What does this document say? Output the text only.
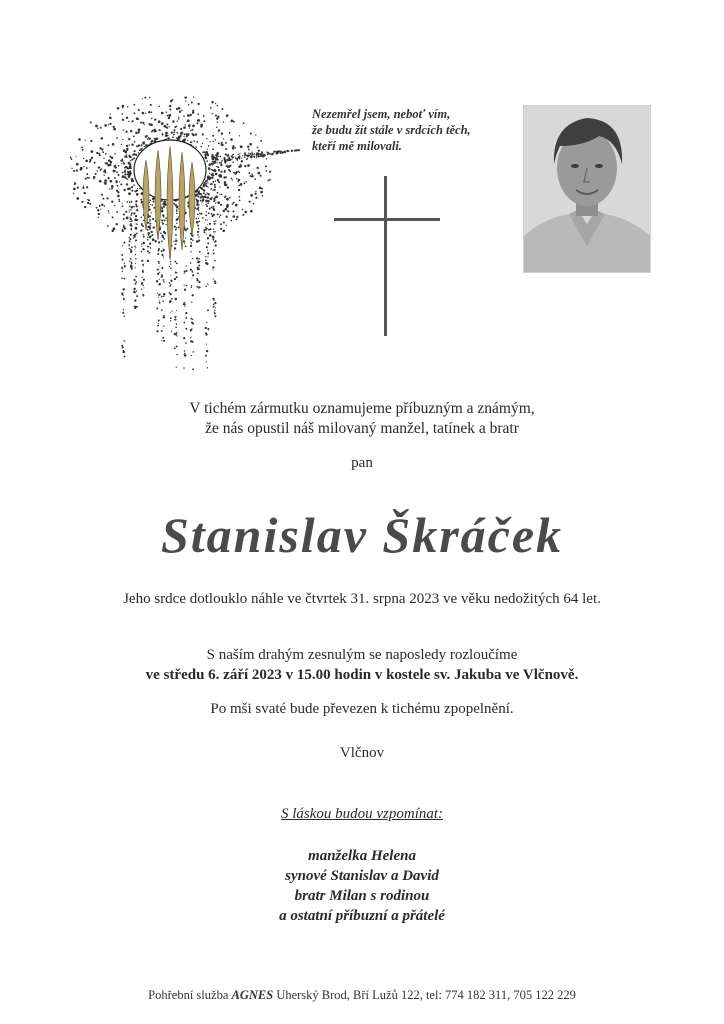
Nezemřel jsem, neboť vím,
že budu žít stále v srdcích těch,
kteří mě milovali.
V tichém zármutku oznamujeme příbuzným a známým,
že nás opustil náš milovaný manžel, tatínek a bratr
pan
Stanislav Škráček
Jeho srdce dotlouklo náhle ve čtvrtek 31. srpna 2023 ve věku nedožitých 64 let.
S naším drahým zesnulým se naposledy rozloučíme
ve středu 6. září 2023 v 15.00 hodin v kostele sv. Jakuba ve Vlčnově.
Po mši svaté bude převezen k tichému zpopelnění.
Vlčnov
S láskou budou vzpomínat:
manželka Helena
synové Stanislav a David
bratr Milan s rodinou
a ostatní příbuzní a přátelé
Pohřební služba AGNES Uherský Brod, Bří Lužů 122, tel: 774 182 311, 705 122 229
